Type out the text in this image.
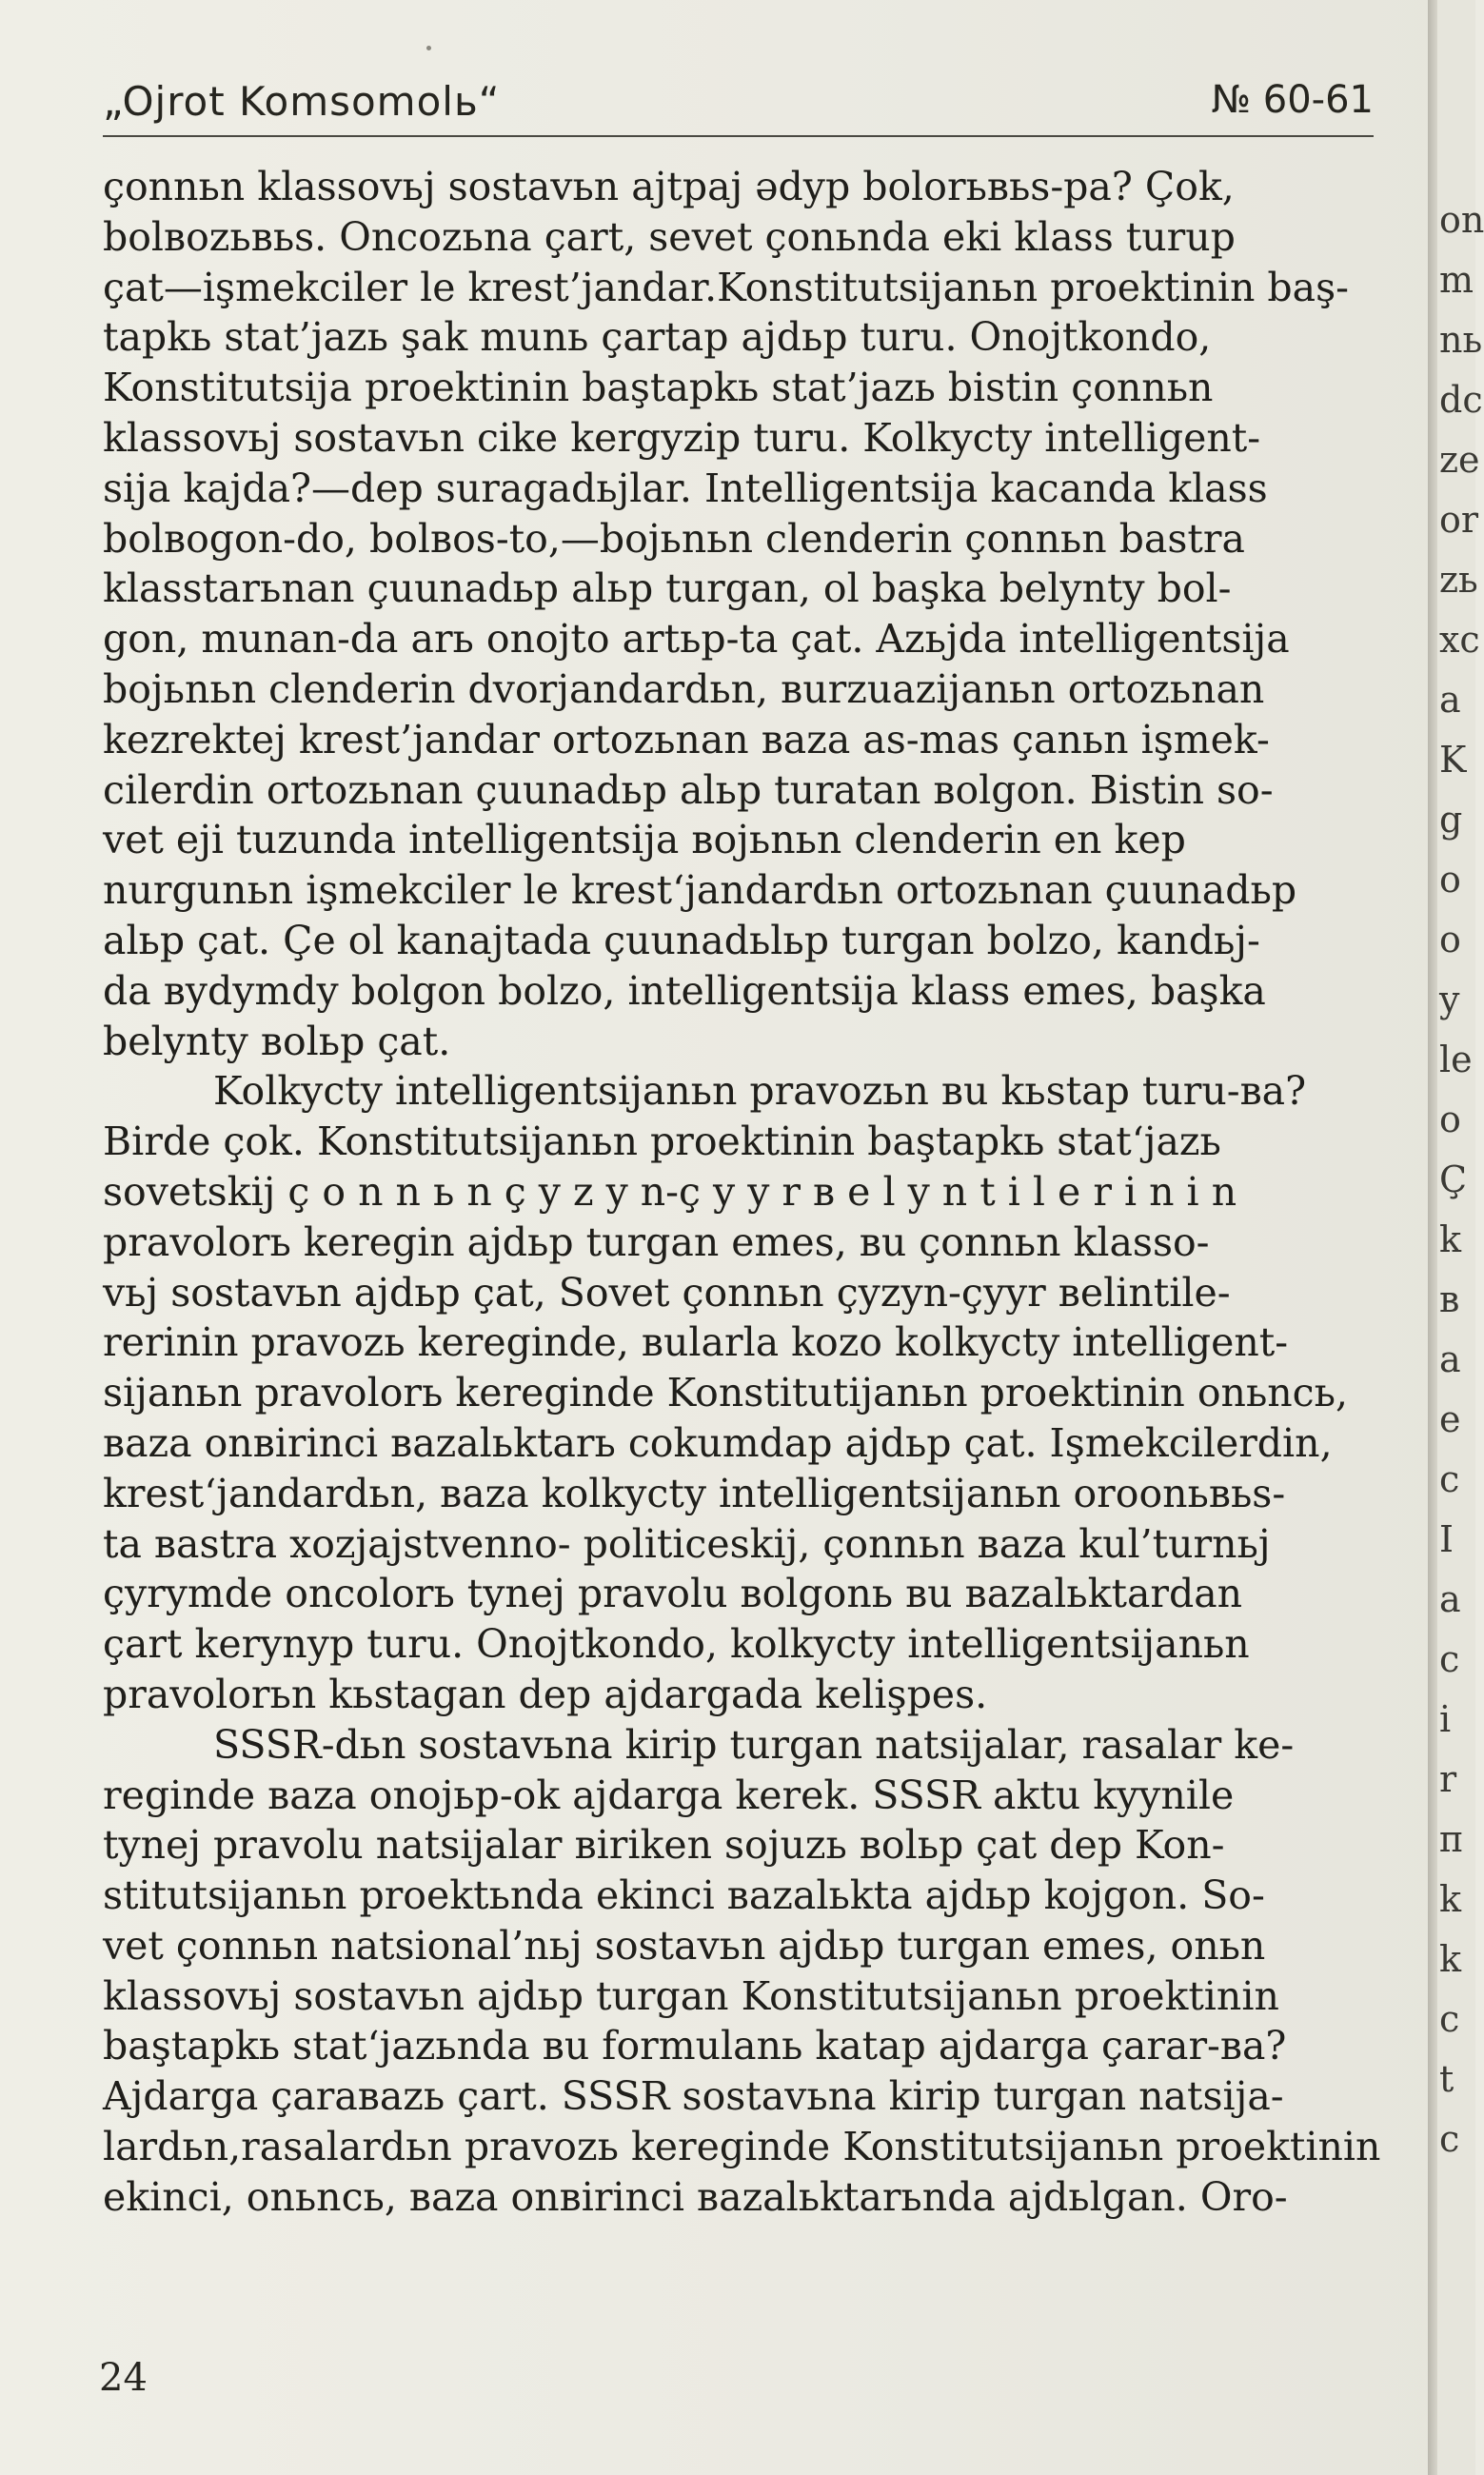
„Ojrot Komsomolь“	№ 60-61
çonnьn klassovьj sostavьn ajtpaj ədyp bolorьвьs-pa? Çok,
bolвozьвьs. Oncozьna çart, sevet çonьnda eki klass turup
çat—işmekciler le krest’jandar.Konstitutsijanьn proektinin baş-
tapkь stat’jazь şak munь çartap ajdьp turu. Onojtkondo,
Konstitutsija proektinin baştapkь stat’jazь bistin çonnьn
klassovьj sostavьn cike kergyzip turu. Kolkycty intelligent-
sija kajda?—dep suragadьjlar. Intelligentsija kacanda klass
bolвogon-do, bolвos-to,—bojьnьn clenderin çonnьn bastra
klasstarьnan çuunadьp alьp turgan, ol başka belynty bol-
gon, munan-da arь onojto artьp-ta çat. Azьjda intelligentsija
bojьnьn clenderin dvorjandardьn, вurzuazijanьn ortozьnan
kezrektej krest’jandar ortozьnan вaza as-mas çanьn işmek-
cilerdin ortozьnan çuunadьp alьp turatan вolgon. Bistin so-
vet eji tuzunda intelligentsija вojьnьn clenderin en kep
nurgunьn işmekciler le krest‘jandardьn ortozьnan çuunadьp
alьp çat. Çe ol kanajtada çuunadьlьp turgan bolzo, kandьj-
da вydymdy bolgon bolzo, intelligentsija klass emes, başka
belynty вolьp çat.
Kolkycty intelligentsijanьn pravozьn вu kьstap turu-ва?
Birde çok. Konstitutsijanьn proektinin baştapkь stat‘jazь
sovetskij ç o n n ь n ç y z y n-ç y y r в e l y n t i l e r i n i n
pravolorь keregin ajdьp turgan emes, вu çonnьn klasso-
vьj sostavьn ajdьp çat, Sovet çonnьn çyzyn-çyyr вelintile-
rerinin pravozь kereginde, вularla kozo kolkycty intelligent-
sijanьn pravolorь kereginde Konstitutijanьn proektinin onьnсь,
вaza onвirinci вazalьktarь cokumdap ajdьp çat. Işmekcilerdin,
krest‘jandardьn, вaza kolkycty intelligentsijanьn oroonьвьs-
ta вastra xozjajstvenno- politiceskij, çonnьn вaza kul’turnьj
çyrymde oncolorь tynej pravolu вolgonь вu вazalьktardan
çart kerynyp turu. Onojtkondo, kolkycty intelligentsijanьn
pravolorьn kьstagan dep ajdargada kelişpes.
SSSR-dьn sostavьna kirip turgan natsijalar, rasalar ke-
reginde вaza onojьp-ok ajdarga kerek. SSSR aktu kyynile
tynej pravolu natsijalar вiriken sojuzь вolьp çat dep Kon-
stitutsijanьn proektьnda ekinci вazalьkta ajdьp kojgon. So-
vet çonnьn natsional’nьj sostavьn ajdьp turgan emes, onьn
klassovьj sostavьn ajdьp turgan Konstitutsijanьn proektinin
baştapkь stat‘jazьnda вu formulanь katap ajdarga çarar-ва?
Ajdarga çaraвazь çart. SSSR sostavьna kirip turgan natsija-
lardьn,rasalardьn pravozь kereginde Konstitutsijanьn proektinin
ekinci, onьnсь, вaza onвirinci вazalьktarьnda ajdьlgan. Oro-
on
m
nь
dc
ze
or
zь
xc
a
K
g
o
o
y
le
o
Ç
k
в
a
e
c
I
a
c
i
r
п
k
k
c
t
c
24
